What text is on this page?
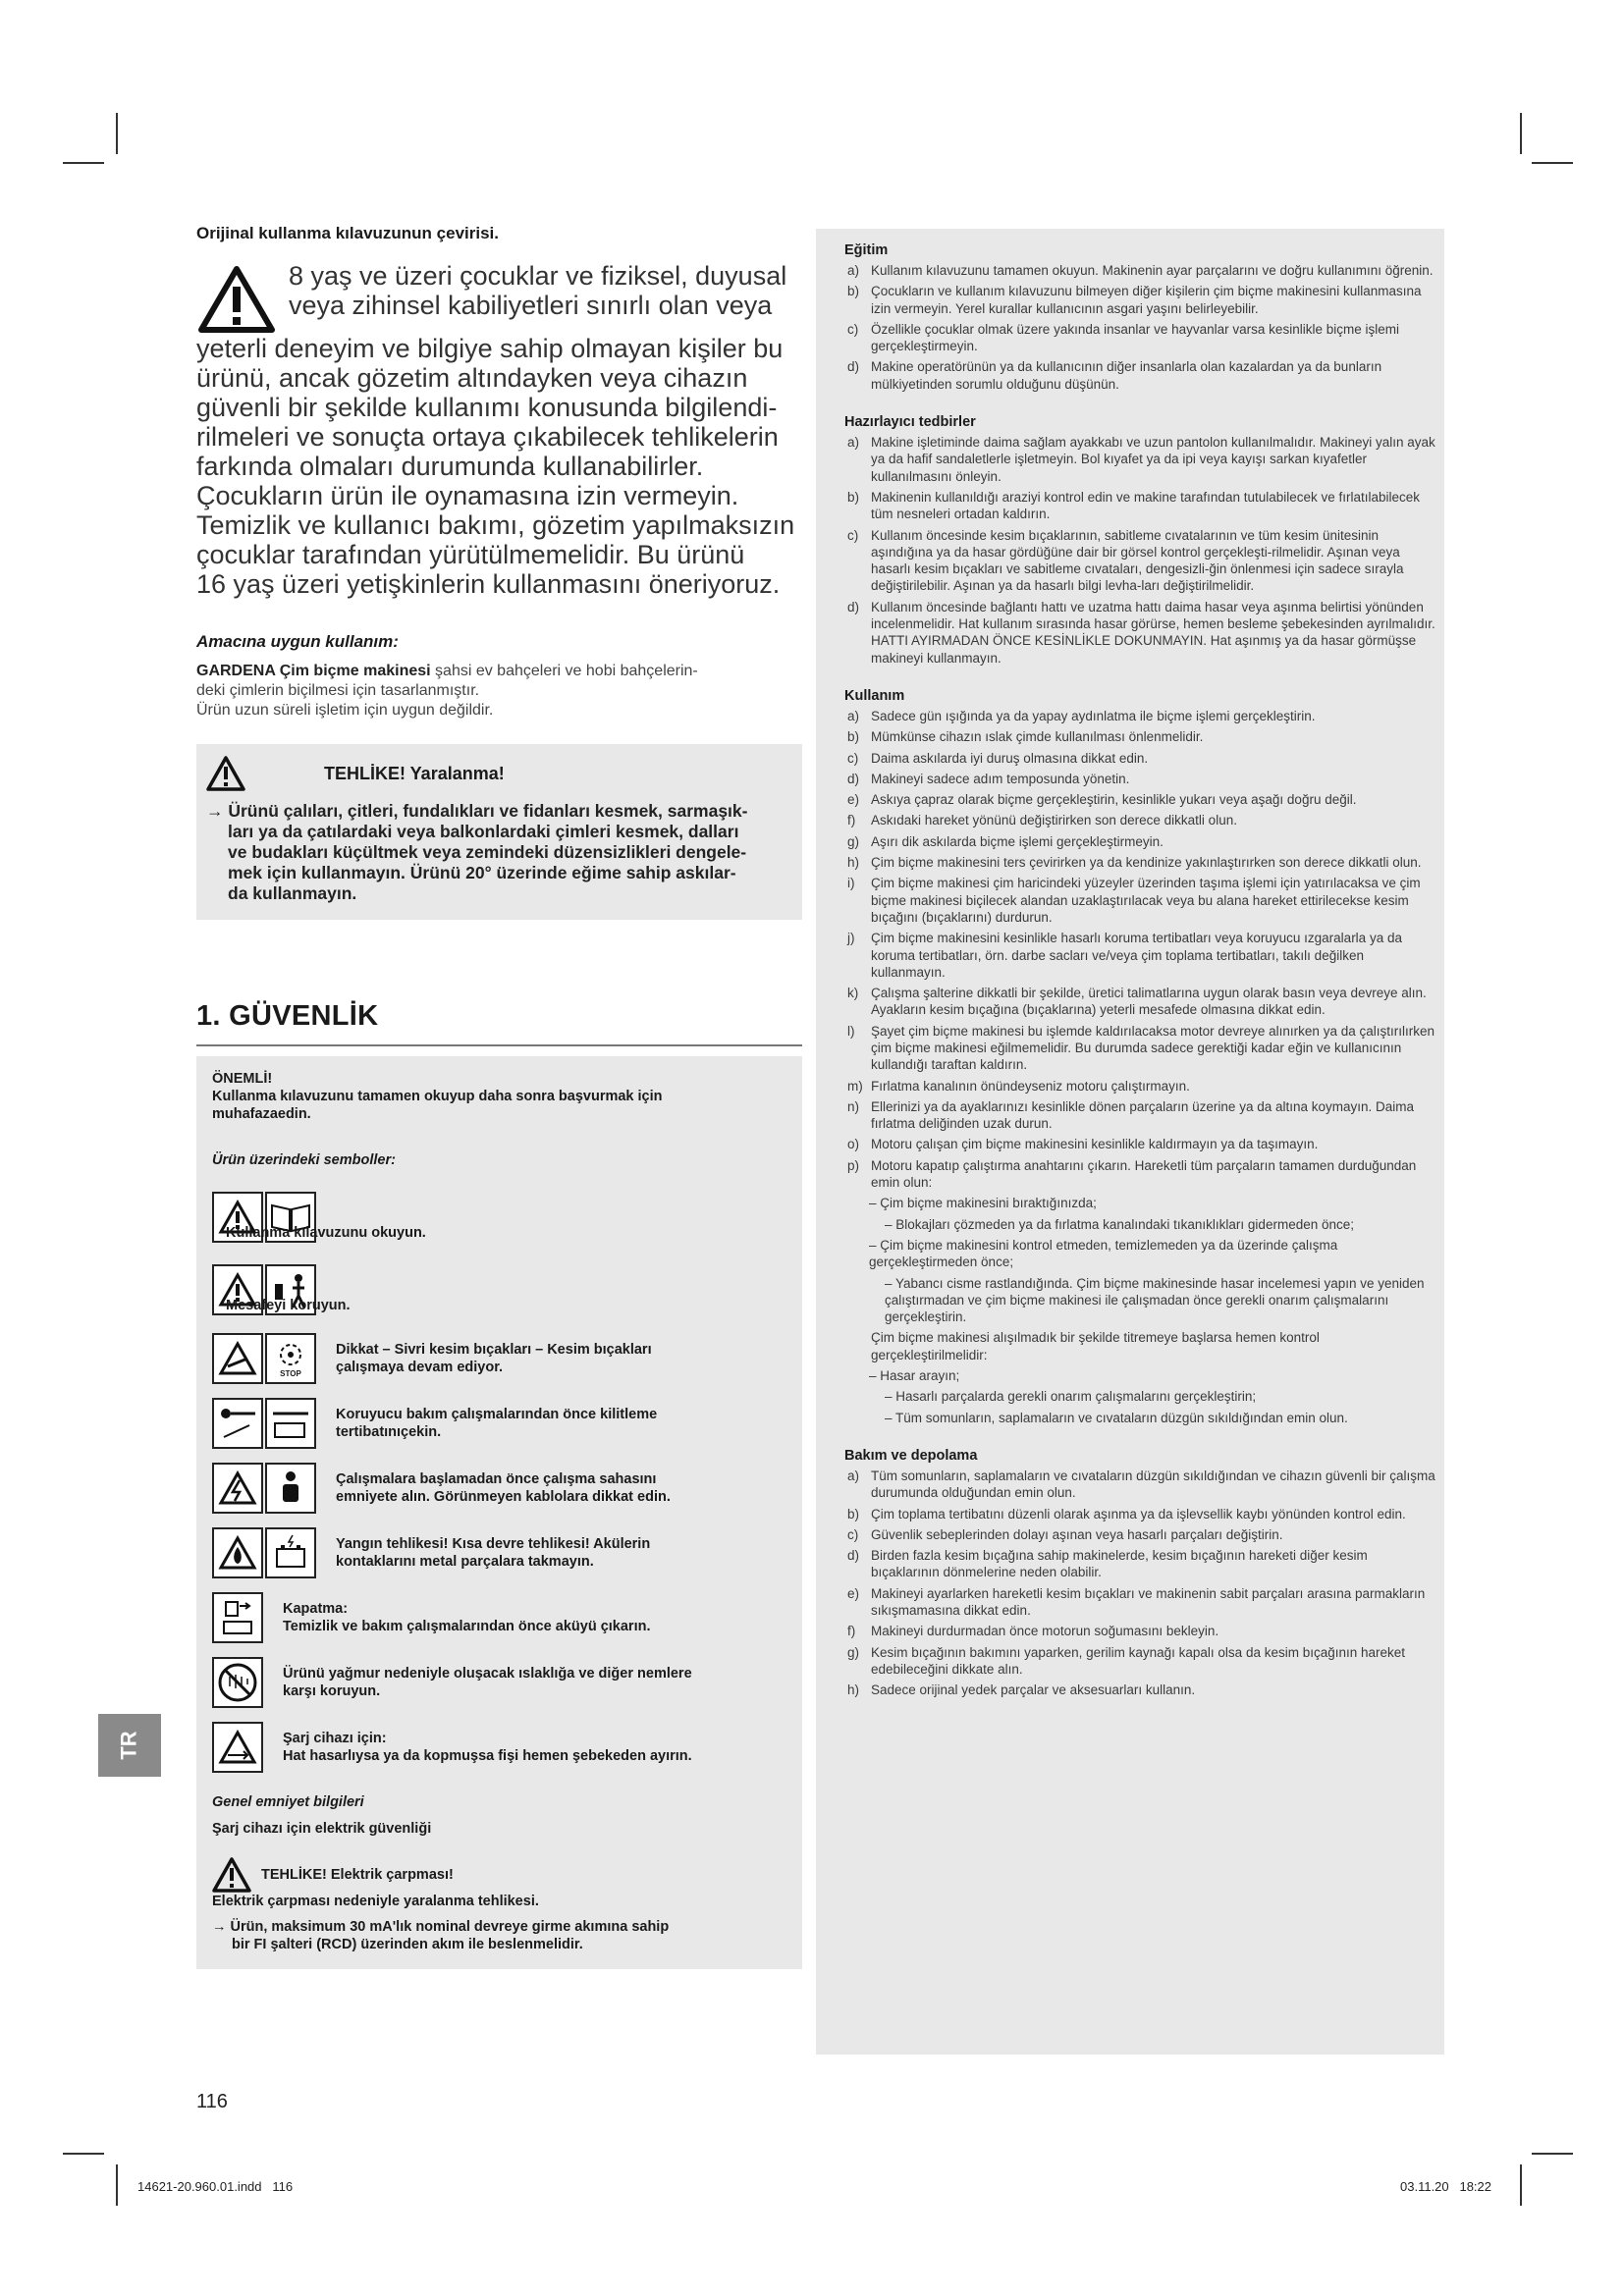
Orijinal kullanma kılavuzunun çevirisi.
8 yaş ve üzeri çocuklar ve fiziksel, duyusal
veya zihinsel kabiliyetleri sınırlı olan veya
yeterli deneyim ve bilgiye sahip olmayan kişiler bu
ürünü, ancak gözetim altındayken veya cihazın
güvenli bir şekilde kullanımı konusunda bilgilendi-
rilmeleri ve sonuçta ortaya çıkabilecek tehlikelerin
farkında olmaları durumunda kullanabilirler.
Çocukların ürün ile oynamasına izin vermeyin.
Temizlik ve kullanıcı bakımı, gözetim yapılmaksızın
çocuklar tarafından yürütülmemelidir. Bu ürünü
16 yaş üzeri yetişkinlerin kullanmasını öneriyoruz.
Amacına uygun kullanım:

GARDENA Çim biçme makinesi şahsi ev bahçeleri ve hobi bahçelerin-

deki çimlerin biçilmesi için tasarlanmıştır.

Ürün uzun süreli işletim için uygun değildir.

TEHLİKE! Yaralanma!
→ Ürünü çalıları, çitleri, fundalıkları ve fidanları kesmek, sarmaşık-
ları ya da çatılardaki veya balkonlardaki çimleri kesmek, dalları
ve budakları küçültmek veya zemindeki düzensizlikleri dengele-
mek için kullanmayın. Ürünü 20° üzerinde eğime sahip askılar-
da kullanmayın.
1. GÜVENLİK
ÖNEMLİ!
Kullanma kılavuzunu tamamen okuyup daha sonra başvurmak için
muhafazaedin.
Ürün üzerindeki semboller:
Kullanma kılavuzunu okuyun.
Mesafeyi koruyun.
STOP
Dikkat – Sivri kesim bıçakları – Kesim bıçakları
çalışmaya devam ediyor.
Koruyucu bakım çalışmalarından önce kilitleme
tertibatınıçekin.
Çalışmalara başlamadan önce çalışma sahasını
emniyete alın. Görünmeyen kablolara dikkat edin.
Yangın tehlikesi! Kısa devre tehlikesi! Akülerin
kontaklarını metal parçalara takmayın.
Kapatma:
Temizlik ve bakım çalışmalarından önce aküyü çıkarın.
Ürünü yağmur nedeniyle oluşacak ıslaklığa ve diğer nemlere
karşı koruyun.
Şarj cihazı için:
Hat hasarlıysa ya da kopmuşsa fişi hemen şebekeden ayırın.
Genel emniyet bilgileri
Şarj cihazı için elektrik güvenliği
TEHLİKE! Elektrik çarpması!
Elektrik çarpması nedeniyle yaralanma tehlikesi.
→ Ürün, maksimum 30 mA'lık nominal devreye girme akımına sahip
bir FI şalteri (RCD) üzerinden akım ile beslenmelidir.
Eğitim
a) Kullanım kılavuzunu tamamen okuyun. Makinenin ayar parçalarını ve doğru kullanımını öğrenin.
b) Çocukların ve kullanım kılavuzunu bilmeyen diğer kişilerin çim biçme makinesini kullanmasına izin vermeyin. Yerel kurallar kullanıcının asgari yaşını belirleyebilir.
c) Özellikle çocuklar olmak üzere yakında insanlar ve hayvanlar varsa kesinlikle biçme işlemi gerçekleştirmeyin.
d) Makine operatörünün ya da kullanıcının diğer insanlarla olan kazalardan ya da bunların mülkiyetinden sorumlu olduğunu düşünün.
Hazırlayıcı tedbirler
a) Makine işletiminde daima sağlam ayakkabı ve uzun pantolon kullanılmalıdır. Makineyi yalın ayak ya da hafif sandaletlerle işletmeyin. Bol kıyafet ya da ipi veya kayışı sarkan kıyafetler kullanılmasını önleyin.
b) Makinenin kullanıldığı araziyi kontrol edin ve makine tarafından tutulabilecek ve fırlatılabilecek tüm nesneleri ortadan kaldırın.
c) Kullanım öncesinde kesim bıçaklarının, sabitleme cıvatalarının ve tüm kesim ünitesinin aşındığına ya da hasar gördüğüne dair bir görsel kontrol gerçekleşti-rilmelidir. Aşınan veya hasarlı kesim bıçakları ve sabitleme cıvataları, dengesizli-ğin önlenmesi için sadece sırayla değiştirilebilir. Aşınan ya da hasarlı bilgi levha-ları değiştirilmelidir.
d) Kullanım öncesinde bağlantı hattı ve uzatma hattı daima hasar veya aşınma belirtisi yönünden incelenmelidir. Hat kullanım sırasında hasar görürse, hemen besleme şebekesinden ayrılmalıdır. HATTI AYIRMADAN ÖNCE KESİNLİKLE DOKUNMAYIN. Hat aşınmış ya da hasar görmüşse makineyi kullanmayın.
Kullanım
a) Sadece gün ışığında ya da yapay aydınlatma ile biçme işlemi gerçekleştirin.
b) Mümkünse cihazın ıslak çimde kullanılması önlenmelidir.
c) Daima askılarda iyi duruş olmasına dikkat edin.
d) Makineyi sadece adım temposunda yönetin.
e) Askıya çapraz olarak biçme gerçekleştirin, kesinlikle yukarı veya aşağı doğru değil.
f) Askıdaki hareket yönünü değiştirirken son derece dikkatli olun.
g) Aşırı dik askılarda biçme işlemi gerçekleştirmeyin.
h) Çim biçme makinesini ters çevirirken ya da kendinize yakınlaştırırken son derece dikkatli olun.
i) Çim biçme makinesi çim haricindeki yüzeyler üzerinden taşıma işlemi için yatırılacaksa ve çim biçme makinesi biçilecek alandan uzaklaştırılacak veya bu alana hareket ettirilecekse kesim bıçağını (bıçaklarını) durdurun.
j) Çim biçme makinesini kesinlikle hasarlı koruma tertibatları veya koruyucu ızgaralarla ya da koruma tertibatları, örn. darbe sacları ve/veya çim toplama tertibatları, takılı değilken kullanmayın.
k) Çalışma şalterine dikkatli bir şekilde, üretici talimatlarına uygun olarak basın veya devreye alın. Ayakların kesim bıçağına (bıçaklarına) yeterli mesafede olmasına dikkat edin.
l) Şayet çim biçme makinesi bu işlemde kaldırılacaksa motor devreye alınırken ya da çalıştırılırken çim biçme makinesi eğilmemelidir. Bu durumda sadece gerektiği kadar eğin ve kullanıcının kullandığı taraftan kaldırın.
m) Fırlatma kanalının önündeyseniz motoru çalıştırmayın.
n) Ellerinizi ya da ayaklarınızı kesinlikle dönen parçaların üzerine ya da altına koymayın. Daima fırlatma deliğinden uzak durun.
o) Motoru çalışan çim biçme makinesini kesinlikle kaldırmayın ya da taşımayın.
p) Motoru kapatıp çalıştırma anahtarını çıkarın. Hareketli tüm parçaların tamamen durduğundan emin olun:
– Çim biçme makinesini bıraktığınızda;
– Blokajları çözmeden ya da fırlatma kanalındaki tıkanıklıkları gidermeden önce;
– Çim biçme makinesini kontrol etmeden, temizlemeden ya da üzerinde çalışma gerçekleştirmeden önce;
– Yabancı cisme rastlandığında. Çim biçme makinesinde hasar incelemesi yapın ve yeniden çalıştırmadan ve çim biçme makinesi ile çalışmadan önce gerekli onarım çalışmalarını gerçekleştirin.
Çim biçme makinesi alışılmadık bir şekilde titremeye başlarsa hemen kontrol gerçekleştirilmelidir:
– Hasar arayın;
– Hasarlı parçalarda gerekli onarım çalışmalarını gerçekleştirin;
– Tüm somunların, saplamaların ve cıvataların düzgün sıkıldığından emin olun.
Bakım ve depolama
a) Tüm somunların, saplamaların ve cıvataların düzgün sıkıldığından ve cihazın güvenli bir çalışma durumunda olduğundan emin olun.
b) Çim toplama tertibatını düzenli olarak aşınma ya da işlevsellik kaybı yönünden kontrol edin.
c) Güvenlik sebeplerinden dolayı aşınan veya hasarlı parçaları değiştirin.
d) Birden fazla kesim bıçağına sahip makinelerde, kesim bıçağının hareketi diğer kesim bıçaklarının dönmelerine neden olabilir.
e) Makineyi ayarlarken hareketli kesim bıçakları ve makinenin sabit parçaları arasına parmakların sıkışmamasına dikkat edin.
f) Makineyi durdurmadan önce motorun soğumasını bekleyin.
g) Kesim bıçağının bakımını yaparken, gerilim kaynağı kapalı olsa da kesim bıçağının hareket edebileceğini dikkate alın.
h) Sadece orijinal yedek parçalar ve aksesuarları kullanın.
TR
116
14621-20.960.01.indd   116	03.11.20   18:22
